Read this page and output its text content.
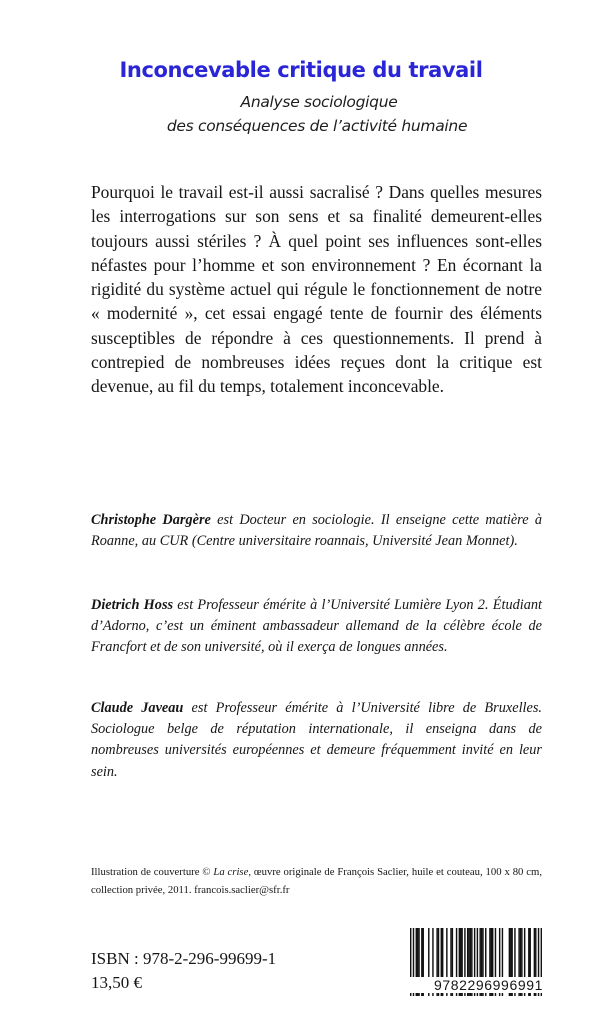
Inconcevable critique du travail
Analyse sociologique
des conséquences de l’activité humaine
Pourquoi le travail est-il aussi sacralisé ? Dans quelles mesures les interrogations sur son sens et sa finalité demeurent-elles toujours aussi stériles ? À quel point ses influences sont-elles néfastes pour l’homme et son environnement ? En écornant la rigidité du système actuel qui régule le fonctionnement de notre « modernité », cet essai engagé tente de fournir des éléments susceptibles de répondre à ces questionnements. Il prend à contrepied de nombreuses idées reçues dont la critique est devenue, au fil du temps, totalement inconcevable.
Christophe Dargère est Docteur en sociologie. Il enseigne cette matière à Roanne, au CUR (Centre universitaire roannais, Université Jean Monnet).
Dietrich Hoss est Professeur émérite à l’Université Lumière Lyon 2. Étudiant d’Adorno, c’est un éminent ambassadeur allemand de la célèbre école de Francfort et de son université, où il exerça de longues années.
Claude Javeau est Professeur émérite à l’Université libre de Bruxelles. Sociologue belge de réputation internationale, il enseigna dans de nombreuses universités européennes et demeure fréquemment invité en leur sein.
Illustration de couverture © La crise, œuvre originale de François Saclier, huile et couteau, 100 x 80 cm, collection privée, 2011. francois.saclier@sfr.fr
ISBN : 978-2-296-99699-1
13,50 €	9782296996991
